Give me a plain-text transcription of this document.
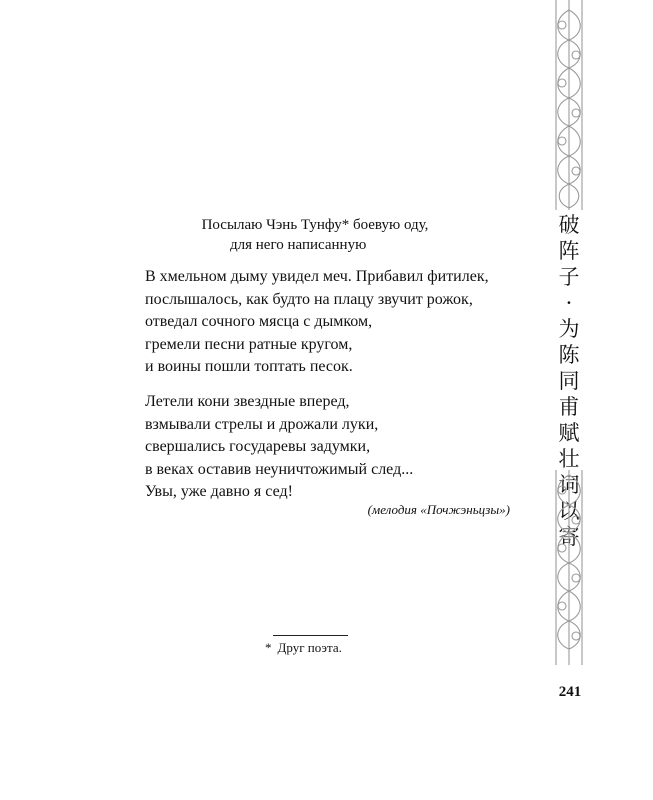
Посылаю Чэнь Тунфу* боевую оду,
для него написанную
В хмельном дыму увидел меч. Прибавил фитилек,
послышалось, как будто на плацу звучит рожок,
отведал сочного мясца с дымком,
гремели песни ратные кругом,
и воины пошли топтать песок.
Летели кони звездные вперед,
взмывали стрелы и дрожали луки,
свершались государевы задумки,
в веках оставив неуничтожимый след...
Увы, уже давно я сед!
(мелодия «Почжэньцзы»)
* Друг поэта.
241
破
阵
子
·
为
陈
同
甫
赋
壮
词
以
寄
